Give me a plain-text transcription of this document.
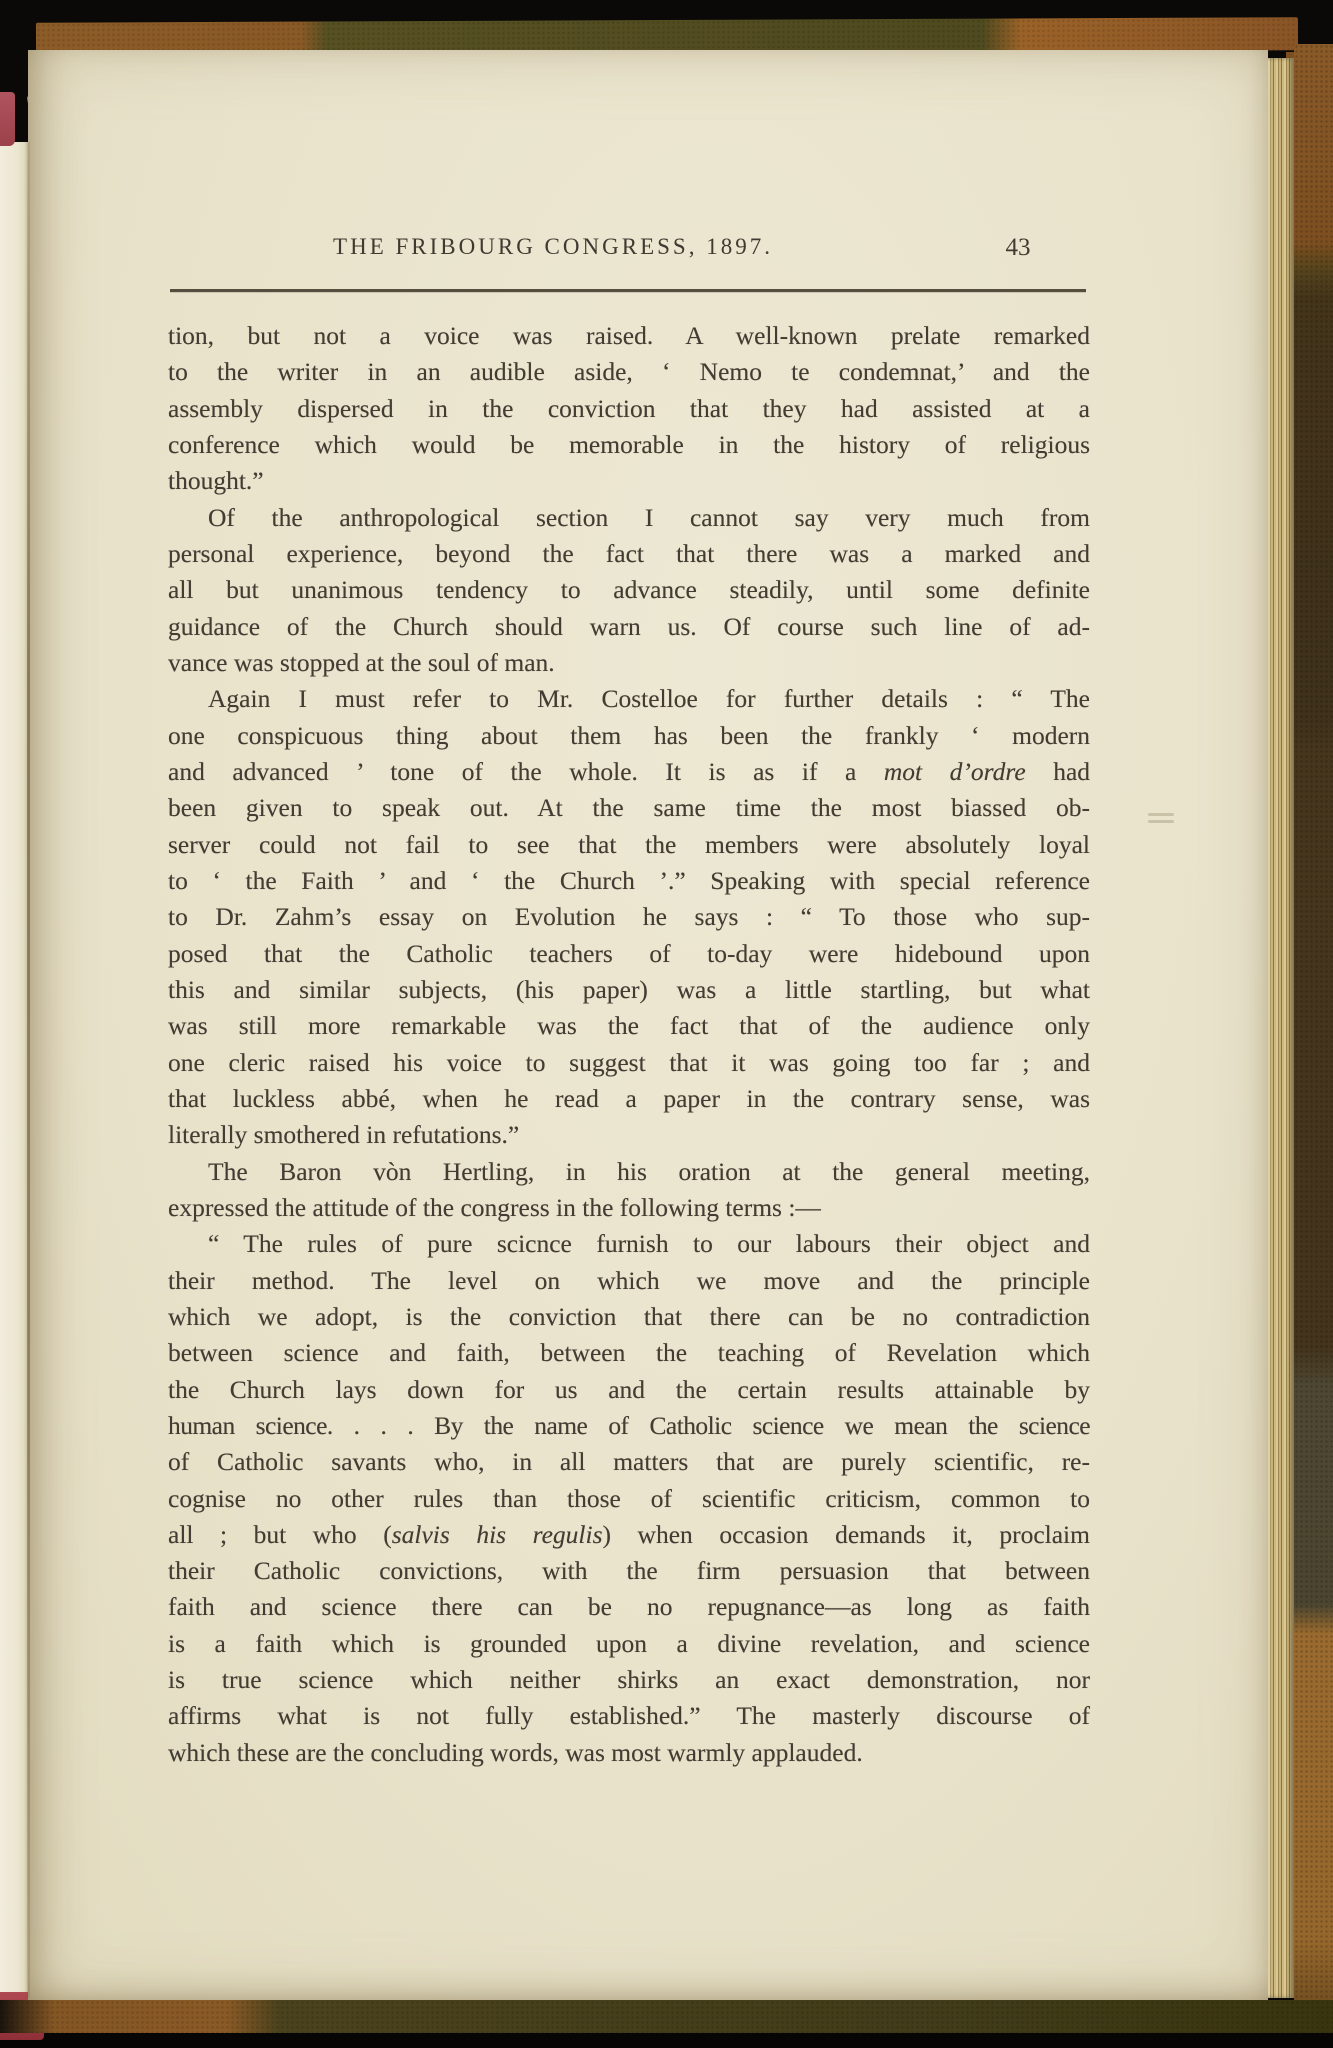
THE FRIBOURG CONGRESS, 1897.	43
tion, but not a voice was raised. A well-known prelate remarked
to the writer in an audible aside, ‘ Nemo te condemnat,’ and the
assembly dispersed in the conviction that they had assisted at a
conference which would be memorable in the history of religious
thought.”
Of the anthropological section I cannot say very much from
personal experience, beyond the fact that there was a marked and
all but unanimous tendency to advance steadily, until some definite
guidance of the Church should warn us. Of course such line of ad-
vance was stopped at the soul of man.
Again I must refer to Mr. Costelloe for further details : “ The
one conspicuous thing about them has been the frankly ‘ modern
and advanced ’ tone of the whole. It is as if a mot d’ordre had
been given to speak out. At the same time the most biassed ob-
server could not fail to see that the members were absolutely loyal
to ‘ the Faith ’ and ‘ the Church ’.” Speaking with special reference
to Dr. Zahm’s essay on Evolution he says : “ To those who sup-
posed that the Catholic teachers of to-day were hidebound upon
this and similar subjects, (his paper) was a little startling, but what
was still more remarkable was the fact that of the audience only
one cleric raised his voice to suggest that it was going too far ; and
that luckless abbé, when he read a paper in the contrary sense, was
literally smothered in refutations.”
The Baron vòn Hertling, in his oration at the general meeting,
expressed the attitude of the congress in the following terms :—
“ The rules of pure scicnce furnish to our labours their object and
their method. The level on which we move and the principle
which we adopt, is the conviction that there can be no contradiction
between science and faith, between the teaching of Revelation which
the Church lays down for us and the certain results attainable by
human science. . . . By the name of Catholic science we mean the science
of Catholic savants who, in all matters that are purely scientific, re-
cognise no other rules than those of scientific criticism, common to
all ; but who (salvis his regulis) when occasion demands it, proclaim
their Catholic convictions, with the firm persuasion that between
faith and science there can be no repugnance—as long as faith
is a faith which is grounded upon a divine revelation, and science
is true science which neither shirks an exact demonstration, nor
affirms what is not fully established.” The masterly discourse of
which these are the concluding words, was most warmly applauded.
